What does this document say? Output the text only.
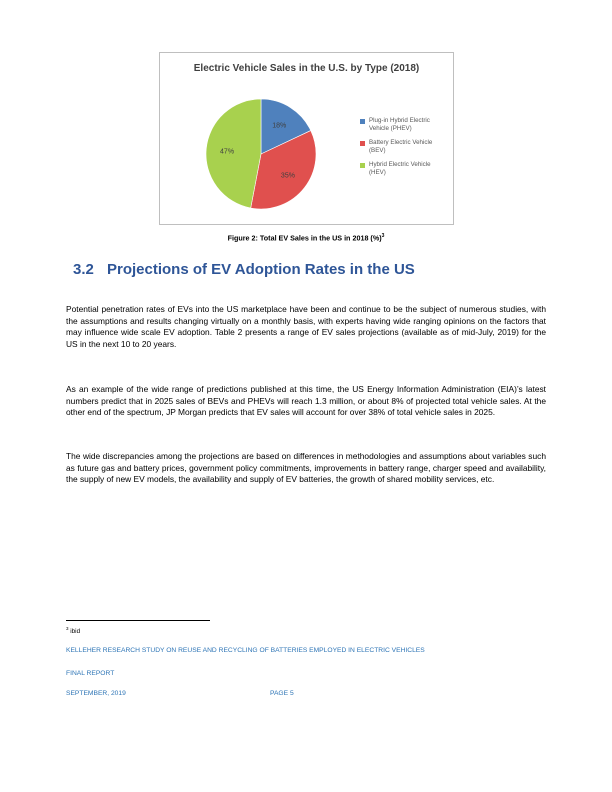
Electric Vehicle Sales in the U.S. by Type (2018)
18%
35%
47%
Plug-in Hybrid Electric
Vehicle (PHEV)
Battery Electric Vehicle
(BEV)
Hybrid Electric Vehicle
(HEV)
Figure 2: Total EV Sales in the US in 2018 (%)$^3$
3.2 Projections of EV Adoption Rates in the US

Potential penetration rates of EVs into the US marketplace have been and continue to be the subject of numerous studies, with the assumptions and results changing virtually on a monthly basis, with experts having wide ranging opinions on the factors that may influence wide scale EV adoption. Table 2 presents a range of EV sales projections (available as of mid-July, 2019) for the US in the next 10 to 20 years.

As an example of the wide range of predictions published at this time, the US Energy Information Administration (EIA)’s latest numbers predict that in 2025 sales of BEVs and PHEVs will reach 1.3 million, or about 8% of projected total vehicle sales. At the other end of the spectrum, JP Morgan predicts that EV sales will account for over 38% of total vehicle sales in 2025.

The wide discrepancies among the projections are based on differences in methodologies and assumptions about variables such as future gas and battery prices, government policy commitments, improvements in battery range, charger speed and availability, the supply of new EV models, the availability and supply of EV batteries, the growth of shared mobility services, etc.

$^3$ ibid
KELLEHER RESEARCH STUDY ON REUSE AND RECYCLING OF BATTERIES EMPLOYED IN ELECTRIC VEHICLES
FINAL REPORT
SEPTEMBER, 2019	PAGE 5
